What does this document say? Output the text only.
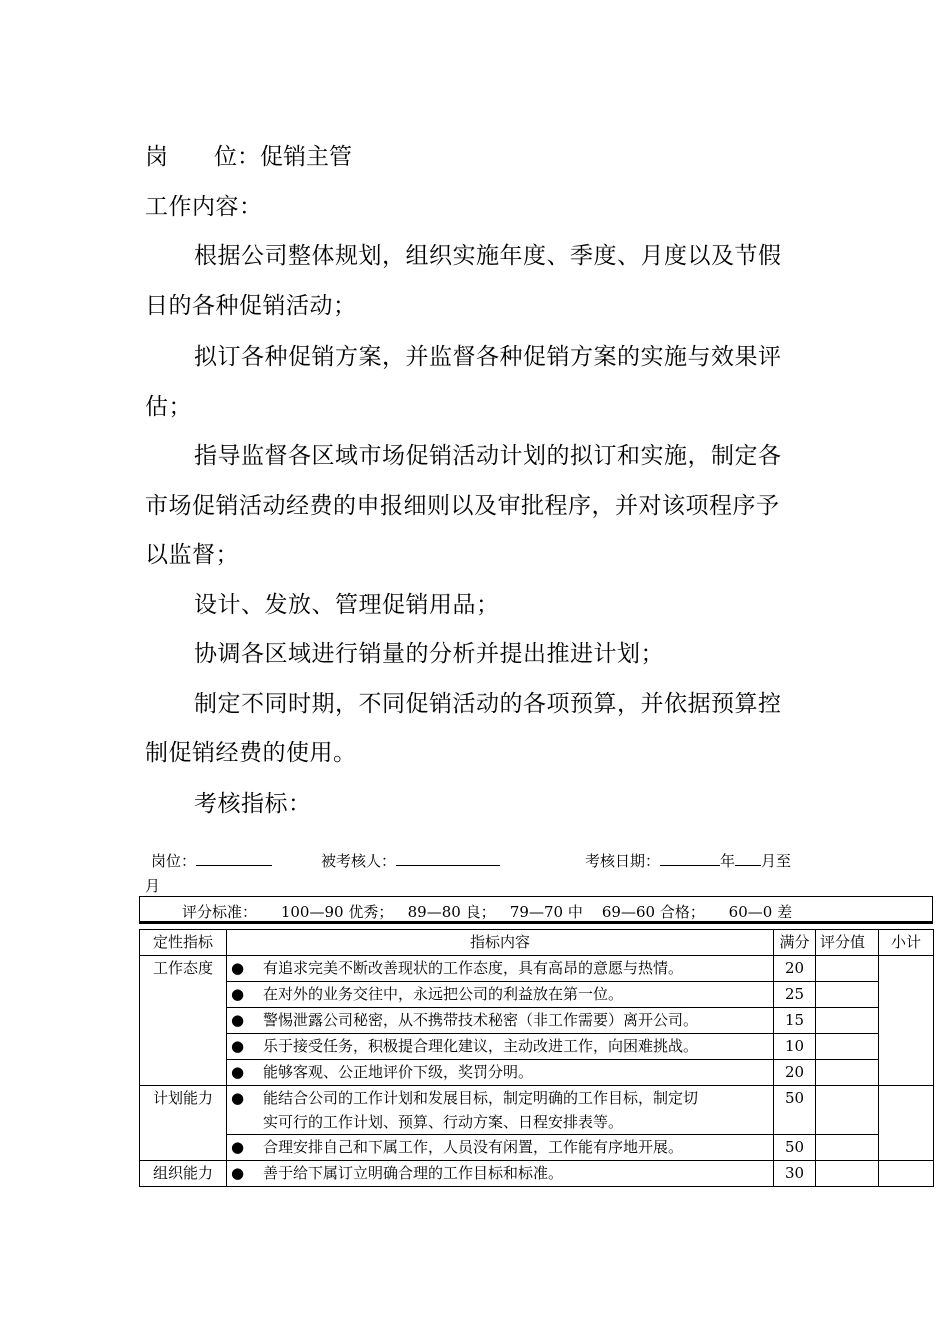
岗 位：促销主管
工作内容：
根据公司整体规划，组织实施年度、季度、月度以及节假
日的各种促销活动；
拟订各种促销方案，并监督各种促销方案的实施与效果评
估；
指导监督各区域市场促销活动计划的拟订和实施，制定各
市场促销活动经费的申报细则以及审批程序，并对该项程序予
以监督；
设计、发放、管理促销用品；
协调各区域进行销量的分析并提出推进计划；
制定不同时期，不同促销活动的各项预算，并依据预算控
制促销经费的使用。
考核指标：
岗位：	被考核人：	考核日期：	年 月至
月
评分标准：     100—90 优秀；   89—80 良；   79—70 中    69—60 合格；     60—0 差
定性指标	指标内容	满分	评分值	小计
工作态度	● 有追求完美不断改善现状的工作态度，具有高昂的意愿与热情。	20		
	● 在对外的业务交往中，永远把公司的利益放在第一位。	25		
	● 警惕泄露公司秘密，从不携带技术秘密（非工作需要）离开公司。	15		
	● 乐于接受任务，积极提合理化建议，主动改进工作，向困难挑战。	10		
	● 能够客观、公正地评价下级，奖罚分明。	20		
计划能力	● 能结合公司的工作计划和发展目标，制定明确的工作目标，制定切
实可行的工作计划、预算、行动方案、日程安排表等。	50		
	● 合理安排自己和下属工作，人员没有闲置，工作能有序地开展。	50		
组织能力	● 善于给下属订立明确合理的工作目标和标准。	30		
